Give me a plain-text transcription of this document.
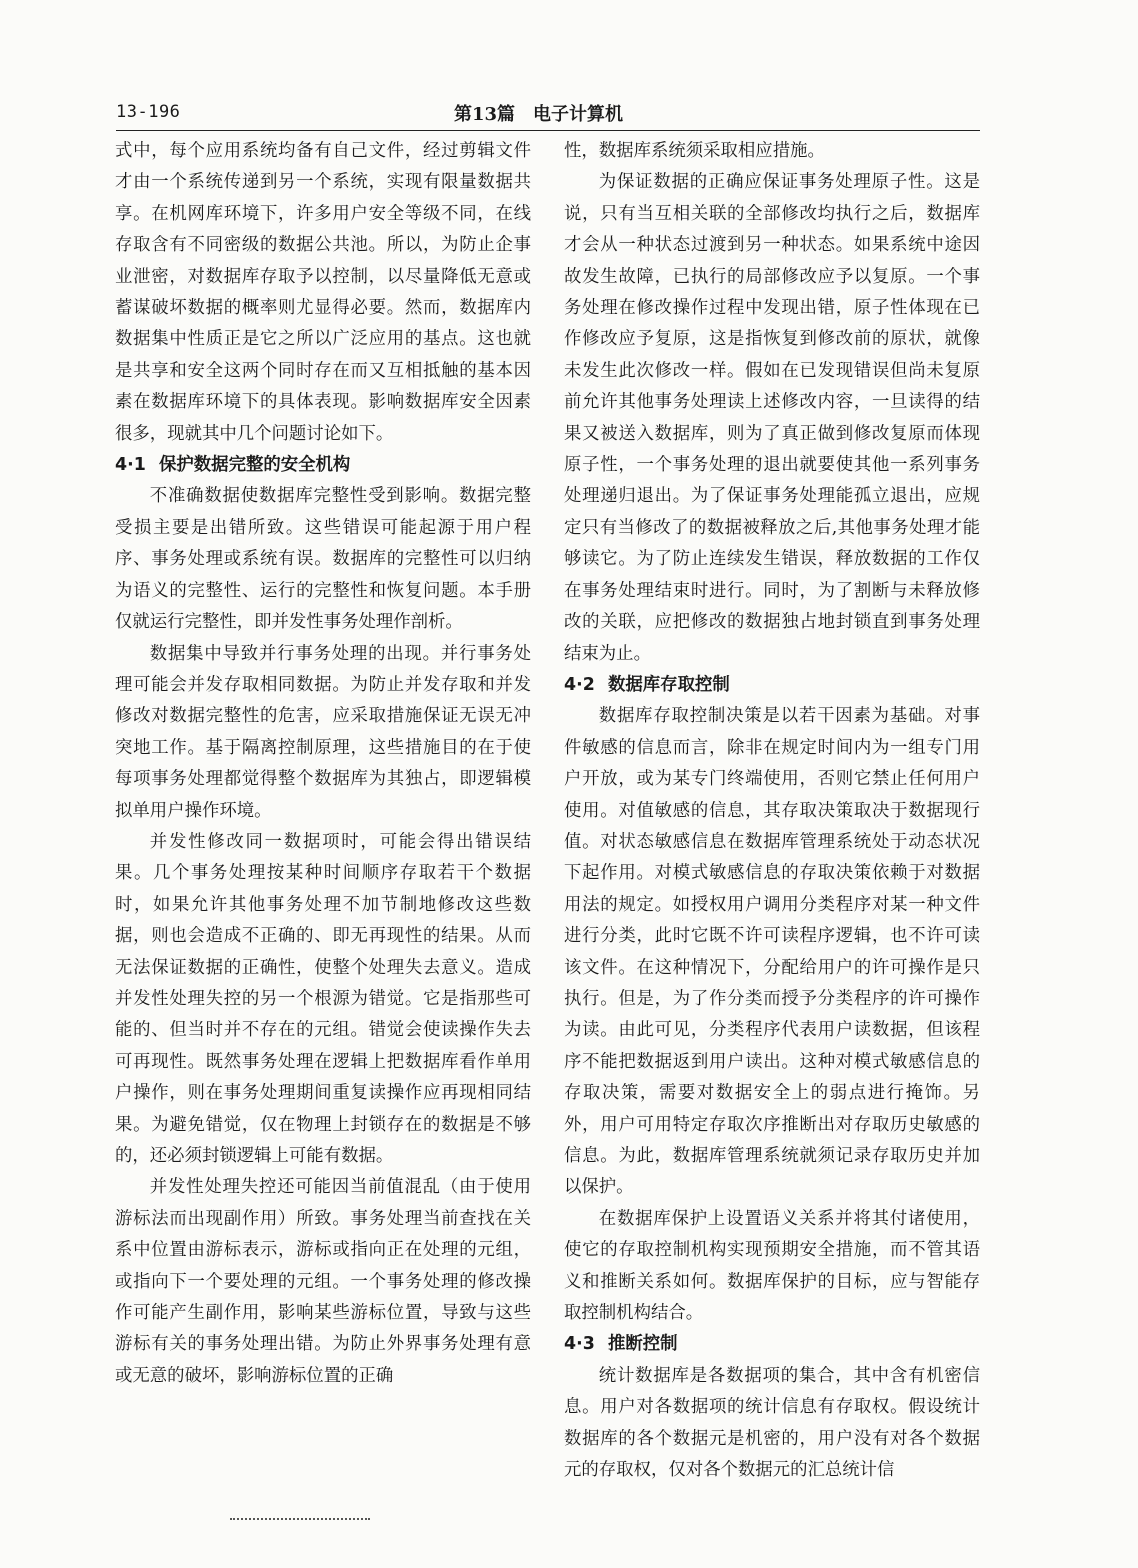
13-196	第13篇　电子计算机

式中，每个应用系统均备有自己文件，经过剪辑文件才由一个系统传递到另一个系统，实现有限量数据共享。在机网库环境下，许多用户安全等级不同，在线存取含有不同密级的数据公共池。所以，为防止企事业泄密，对数据库存取予以控制，以尽量降低无意或蓄谋破坏数据的概率则尤显得必要。然而，数据库内数据集中性质正是它之所以广泛应用的基点。这也就是共享和安全这两个同时存在而又互相抵触的基本因素在数据库环境下的具体表现。影响数据库安全因素很多，现就其中几个问题讨论如下。

4·1 保护数据完整的安全机构

不准确数据使数据库完整性受到影响。数据完整受损主要是出错所致。这些错误可能起源于用户程序、事务处理或系统有误。数据库的完整性可以归纳为语义的完整性、运行的完整性和恢复问题。本手册仅就运行完整性，即并发性事务处理作剖析。

数据集中导致并行事务处理的出现。并行事务处理可能会并发存取相同数据。为防止并发存取和并发修改对数据完整性的危害，应采取措施保证无误无冲突地工作。基于隔离控制原理，这些措施目的在于使每项事务处理都觉得整个数据库为其独占，即逻辑模拟单用户操作环境。

并发性修改同一数据项时，可能会得出错误结果。几个事务处理按某种时间顺序存取若干个数据时，如果允许其他事务处理不加节制地修改这些数据，则也会造成不正确的、即无再现性的结果。从而无法保证数据的正确性，使整个处理失去意义。造成并发性处理失控的另一个根源为错觉。它是指那些可能的、但当时并不存在的元组。错觉会使读操作失去可再现性。既然事务处理在逻辑上把数据库看作单用户操作，则在事务处理期间重复读操作应再现相同结果。为避免错觉，仅在物理上封锁存在的数据是不够的，还必须封锁逻辑上可能有数据。

并发性处理失控还可能因当前值混乱（由于使用游标法而出现副作用）所致。事务处理当前查找在关系中位置由游标表示，游标或指向正在处理的元组，或指向下一个要处理的元组。一个事务处理的修改操作可能产生副作用，影响某些游标位置，导致与这些游标有关的事务处理出错。为防止外界事务处理有意或无意的破坏，影响游标位置的正确

性，数据库系统须采取相应措施。

为保证数据的正确应保证事务处理原子性。这是说，只有当互相关联的全部修改均执行之后，数据库才会从一种状态过渡到另一种状态。如果系统中途因故发生故障，已执行的局部修改应予以复原。一个事务处理在修改操作过程中发现出错，原子性体现在已作修改应予复原，这是指恢复到修改前的原状，就像未发生此次修改一样。假如在已发现错误但尚未复原前允许其他事务处理读上述修改内容，一旦读得的结果又被送入数据库，则为了真正做到修改复原而体现原子性，一个事务处理的退出就要使其他一系列事务处理递归退出。为了保证事务处理能孤立退出，应规定只有当修改了的数据被释放之后,其他事务处理才能够读它。为了防止连续发生错误，释放数据的工作仅在事务处理结束时进行。同时，为了割断与未释放修改的关联，应把修改的数据独占地封锁直到事务处理结束为止。

4·2 数据库存取控制

数据库存取控制决策是以若干因素为基础。对事件敏感的信息而言，除非在规定时间内为一组专门用户开放，或为某专门终端使用，否则它禁止任何用户使用。对值敏感的信息，其存取决策取决于数据现行值。对状态敏感信息在数据库管理系统处于动态状况下起作用。对模式敏感信息的存取决策依赖于对数据用法的规定。如授权用户调用分类程序对某一种文件进行分类，此时它既不许可读程序逻辑，也不许可读该文件。在这种情况下，分配给用户的许可操作是只执行。但是，为了作分类而授予分类程序的许可操作为读。由此可见，分类程序代表用户读数据，但该程序不能把数据返到用户读出。这种对模式敏感信息的存取决策，需要对数据安全上的弱点进行掩饰。另外，用户可用特定存取次序推断出对存取历史敏感的信息。为此，数据库管理系统就须记录存取历史并加以保护。

在数据库保护上设置语义关系并将其付诸使用，使它的存取控制机构实现预期安全措施，而不管其语义和推断关系如何。数据库保护的目标，应与智能存取控制机构结合。

4·3 推断控制

统计数据库是各数据项的集合，其中含有机密信息。用户对各数据项的统计信息有存取权。假设统计数据库的各个数据元是机密的，用户没有对各个数据元的存取权，仅对各个数据元的汇总统计信
